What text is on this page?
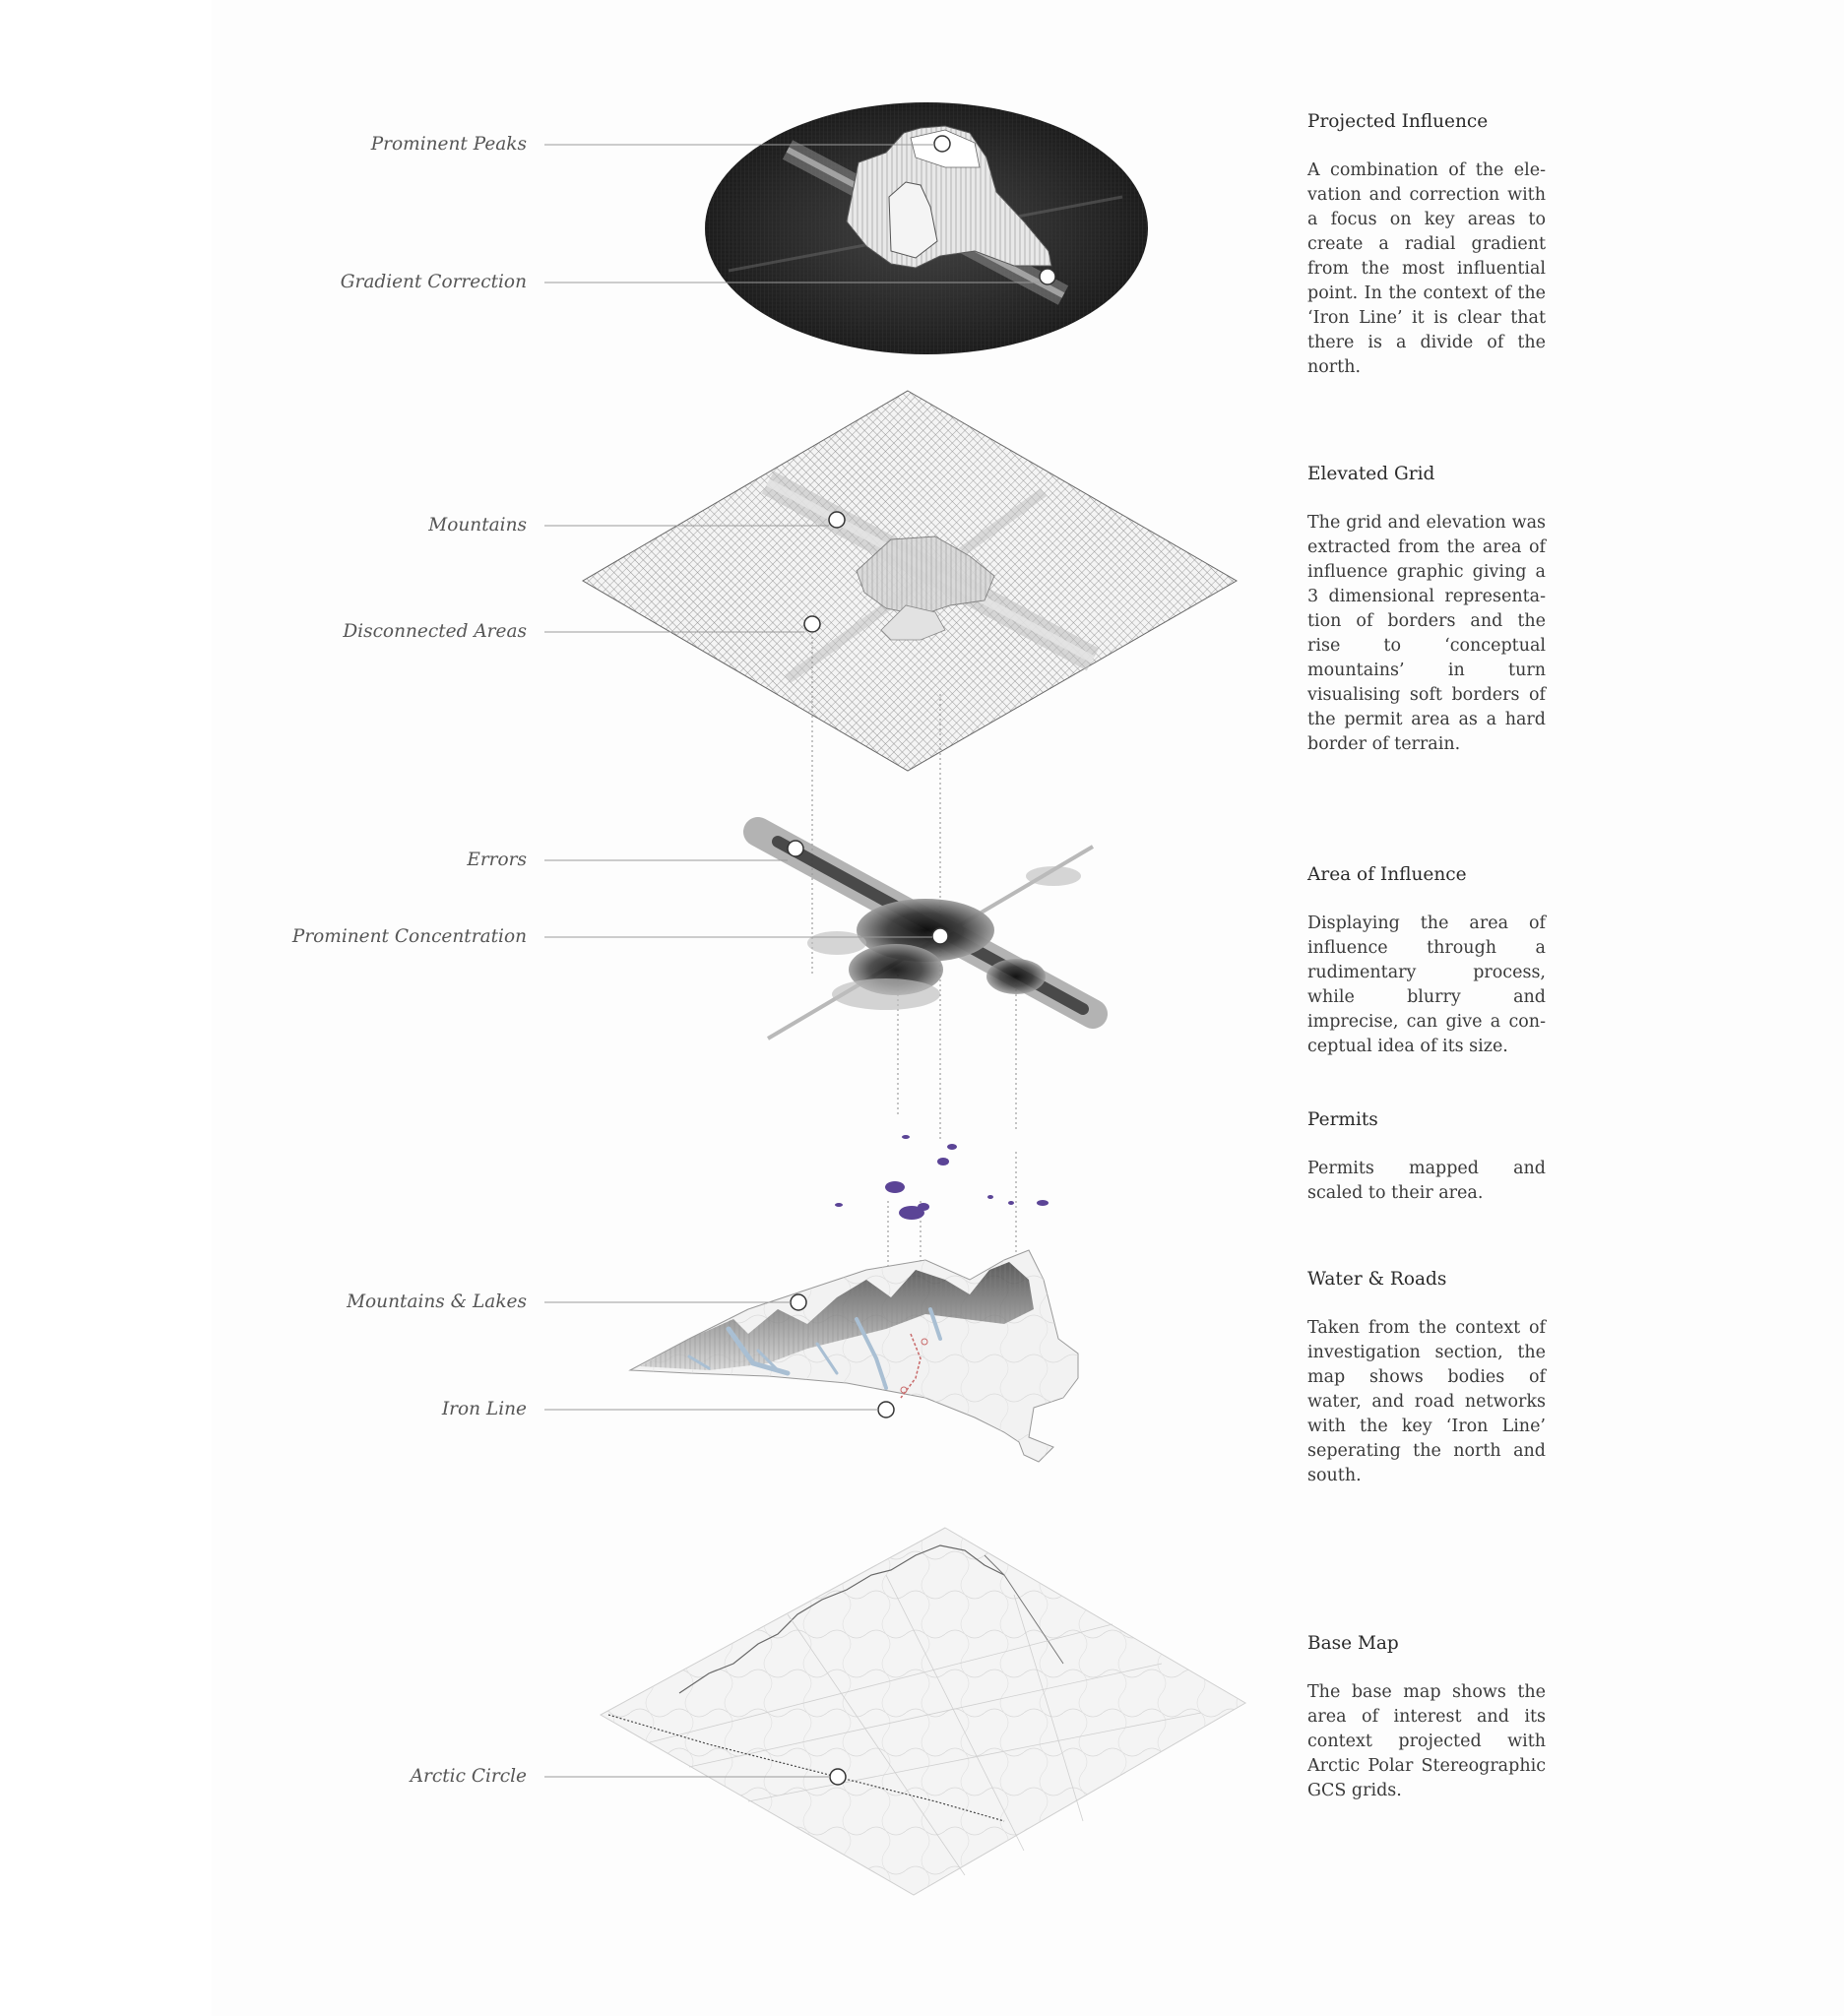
Prominent Peaks
Gradient Correction
Mountains
Disconnected Areas
Errors
Prominent Concentration
Mountains & Lakes
Iron Line
Arctic Circle
Projected Influence
A combination of the elevation and correction with a focus on key areas to create a radial gradient from the most influential point. In the context of the ‘Iron Line’ it is clear that there is a divide of the north.
Elevated Grid
The grid and elevation was extracted from the area of influence graphic giving a 3 dimensional representation of borders and the rise to ‘conceptual mountains’ in turn visualising soft borders of the permit area as a hard border of terrain.
Area of Influence
Displaying the area of influence through a rudimentary process, while blurry and imprecise, can give a conceptual idea of its size.
Permits
Permits mapped and scaled to their area.
Water & Roads
Taken from the context of investigation section, the map shows bodies of water, and road networks with the key ‘Iron Line’ seperating the north and south.
Base Map
The base map shows the area of interest and its context projected with Arctic Polar Stereographic GCS grids.
